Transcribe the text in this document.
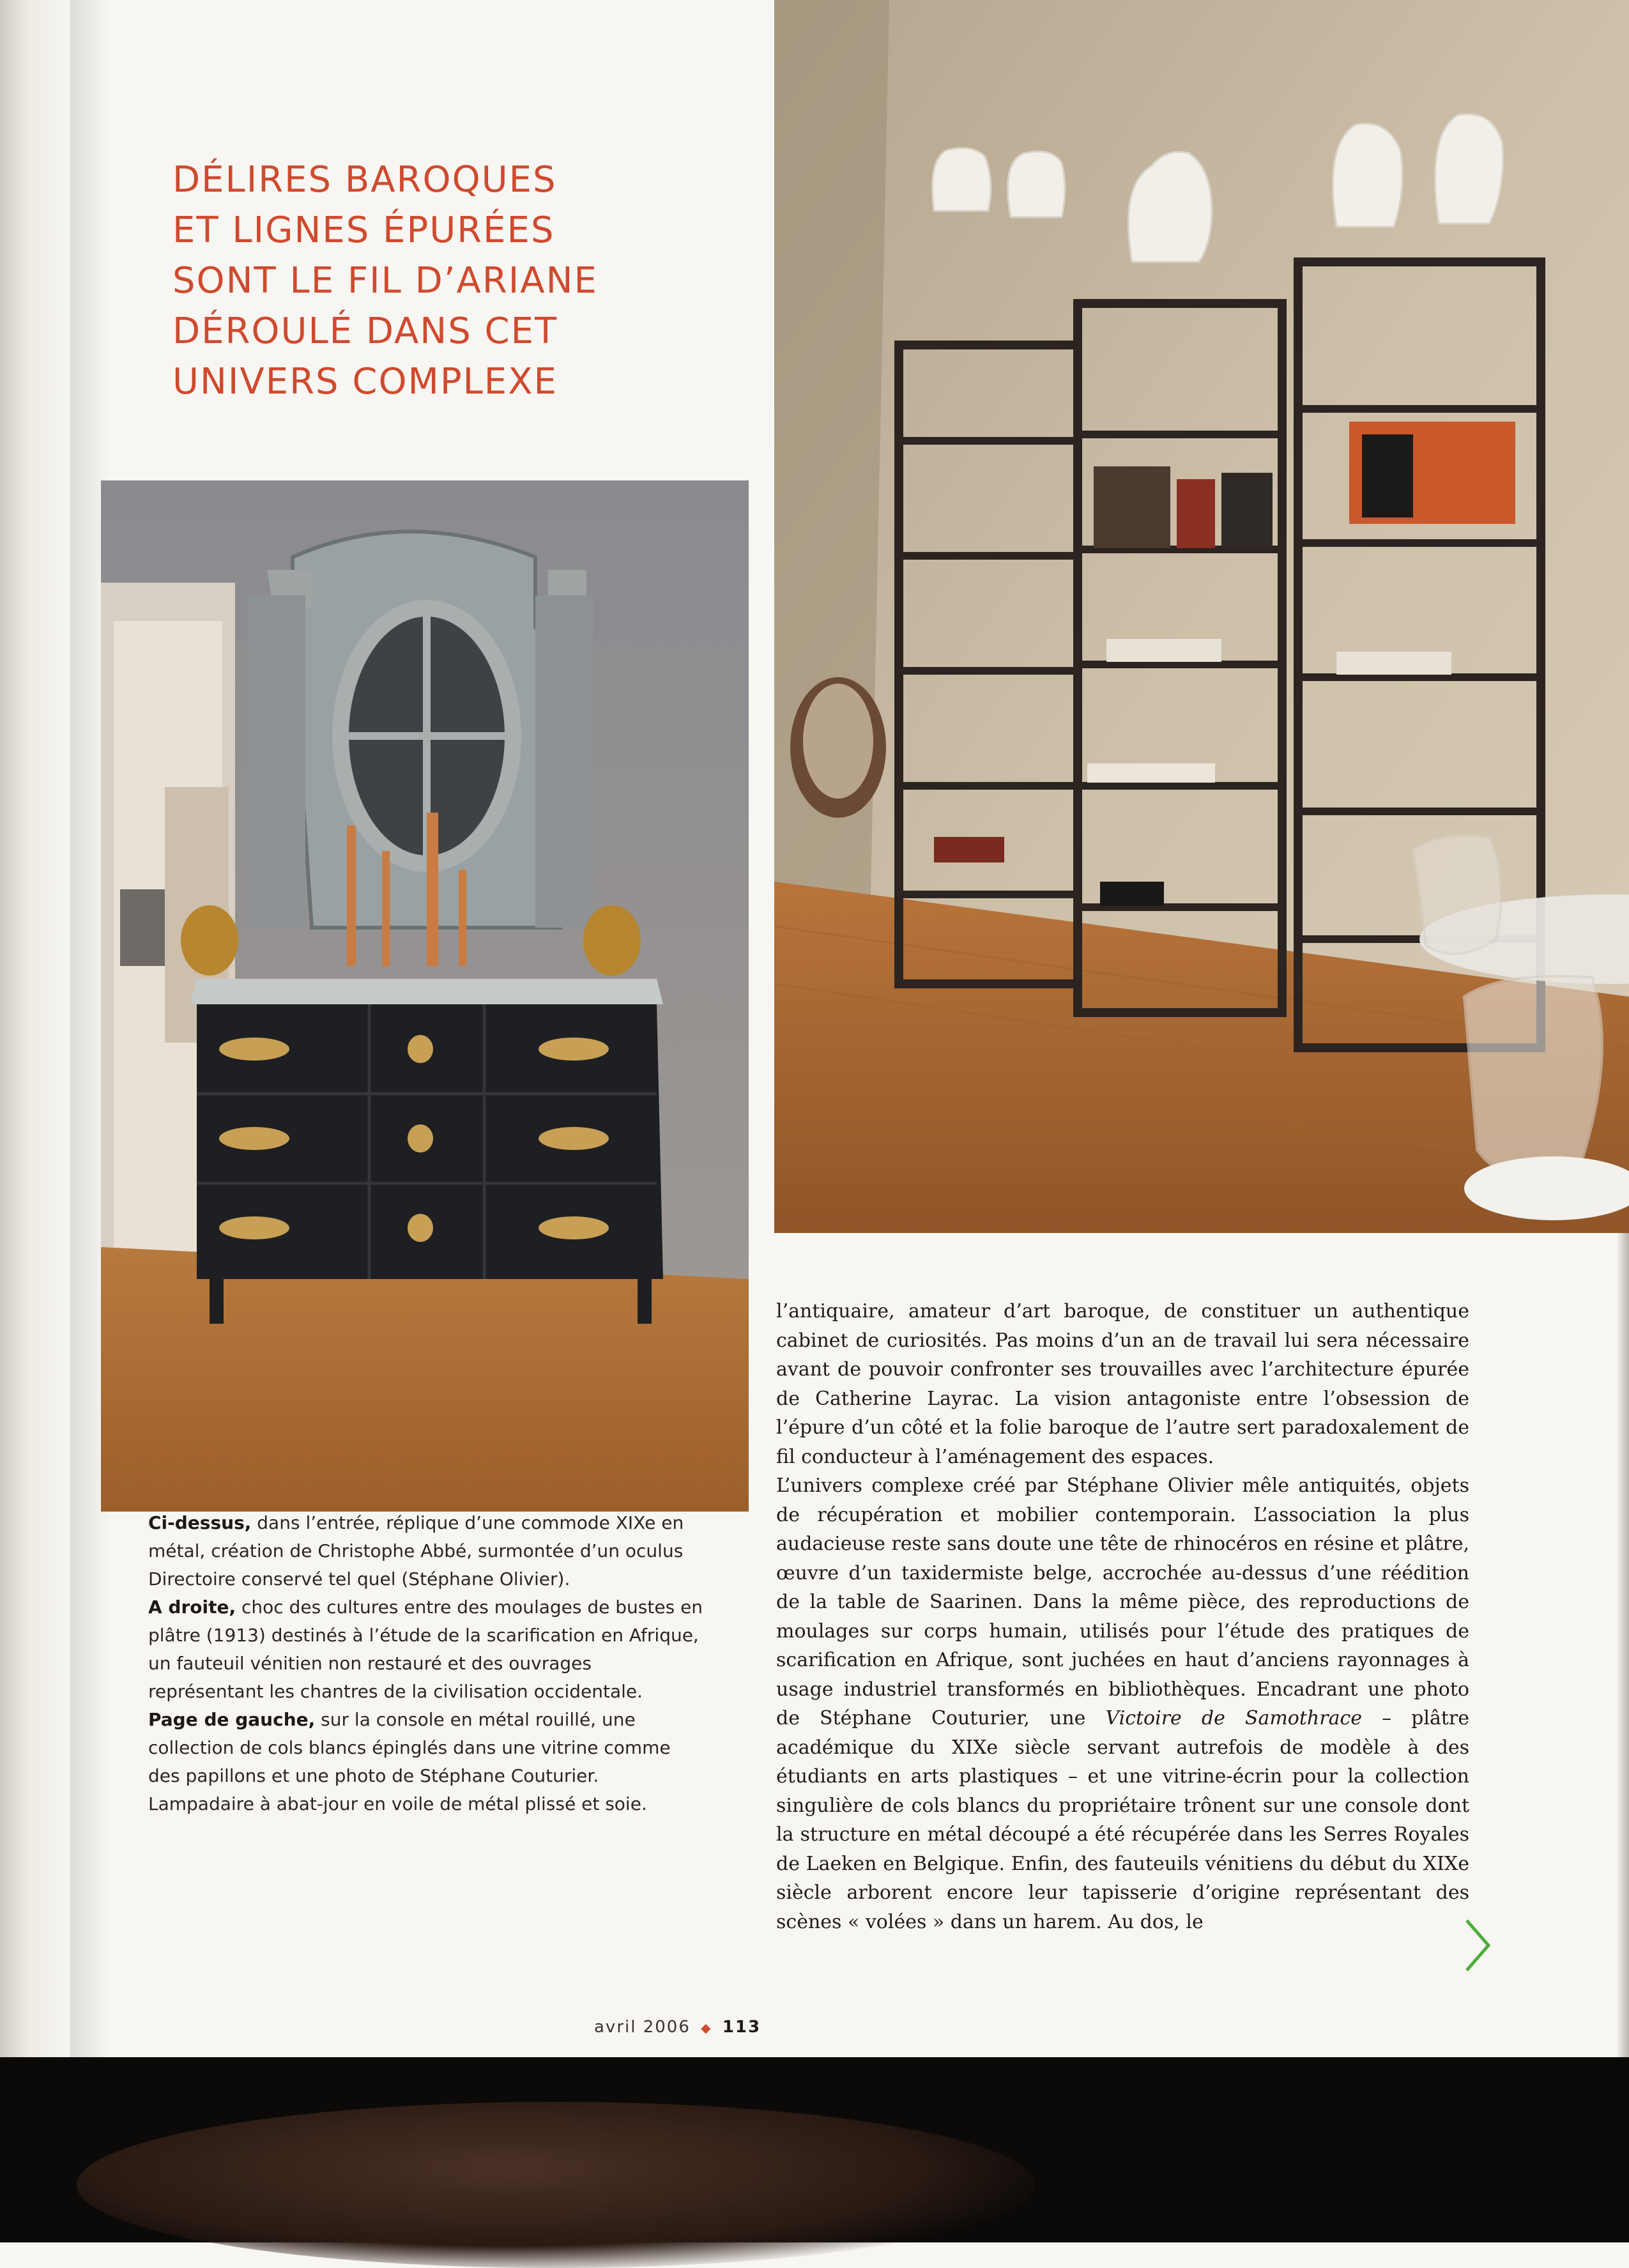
DÉLIRES BAROQUES
ET LIGNES ÉPURÉES
SONT LE FIL D’ARIANE
DÉROULÉ DANS CET
UNIVERS COMPLEXE

Ci-dessus, dans l’entrée, réplique d’une commode XIXe en métal, création de Christophe Abbé, surmontée d’un oculus Directoire conservé tel quel (Stéphane Olivier).

A droite, choc des cultures entre des moulages de bustes en plâtre (1913) destinés à l’étude de la scarification en Afrique, un fauteuil vénitien non restauré et des ouvrages représentant les chantres de la civilisation occidentale.

Page de gauche, sur la console en métal rouillé, une collection de cols blancs épinglés dans une vitrine comme des papillons et une photo de Stéphane Couturier. Lampadaire à abat-jour en voile de métal plissé et soie.

l’antiquaire, amateur d’art baroque, de constituer un authentique cabinet de curiosités. Pas moins d’un an de travail lui sera nécessaire avant de pouvoir confronter ses trouvailles avec l’architecture épurée de Catherine Layrac. La vision antagoniste entre l’obsession de l’épure d’un côté et la folie baroque de l’autre sert paradoxalement de fil conducteur à l’aménagement des espaces.

L’univers complexe créé par Stéphane Olivier mêle antiquités, objets de récupération et mobilier contemporain. L’association la plus audacieuse reste sans doute une tête de rhinocéros en résine et plâtre, œuvre d’un taxidermiste belge, accrochée au-dessus d’une réédition de la table de Saarinen. Dans la même pièce, des reproductions de moulages sur corps humain, utilisés pour l’étude des pratiques de scarification en Afrique, sont juchées en haut d’anciens rayonnages à usage industriel transformés en bibliothèques. Encadrant une photo de Stéphane Couturier, une Victoire de Samothrace – plâtre académique du XIXe siècle servant autrefois de modèle à des étudiants en arts plastiques – et une vitrine-écrin pour la collection singulière de cols blancs du propriétaire trônent sur une console dont la structure en métal découpé a été récupérée dans les Serres Royales de Laeken en Belgique. Enfin, des fauteuils vénitiens du début du XIXe siècle arborent encore leur tapisserie d’origine représentant des scènes « volées » dans un harem. Au dos, le

avril 2006 ◆ 113
